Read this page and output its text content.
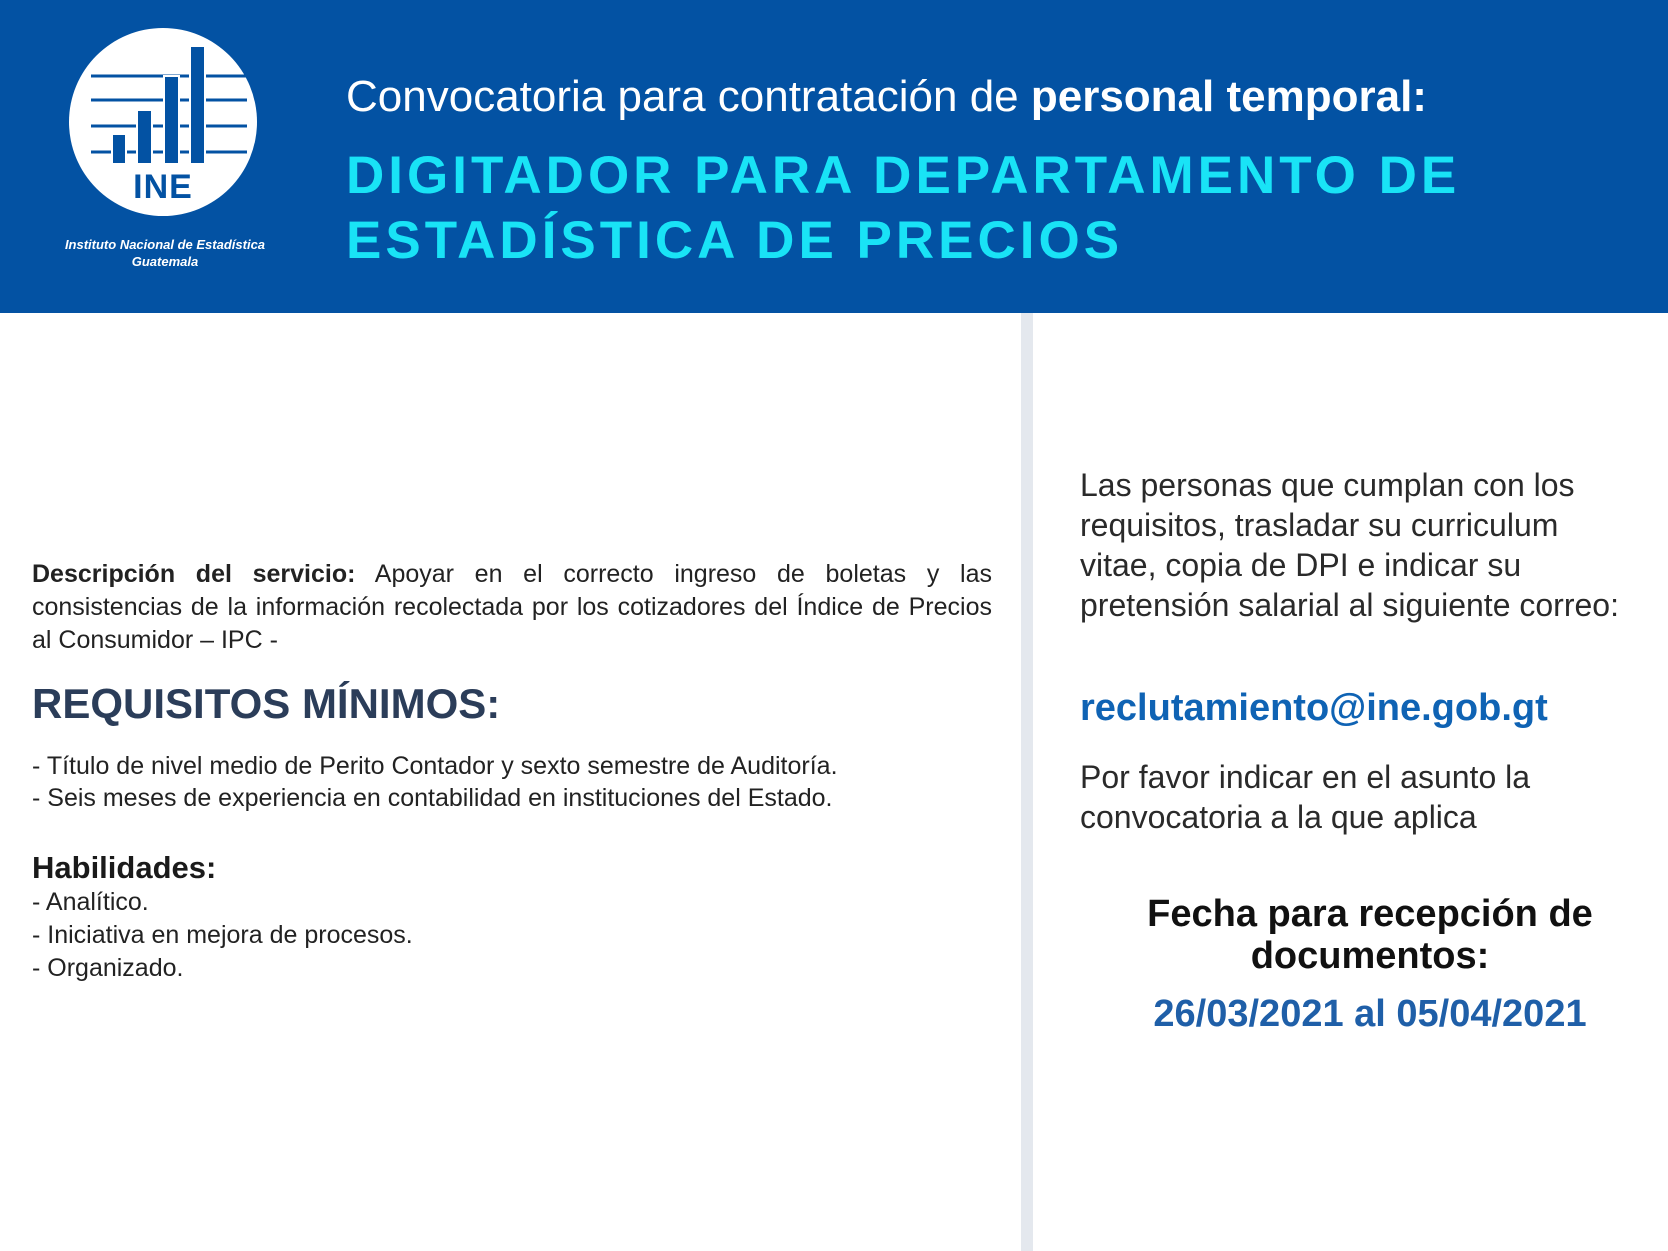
INE
Instituto Nacional de Estadística
Guatemala
Convocatoria para contratación de personal temporal:
DIGITADOR PARA DEPARTAMENTO DE
ESTADÍSTICA DE PRECIOS
Descripción del servicio: Apoyar en el correcto ingreso de boletas y las consistencias de la información recolectada por los cotizadores del Índice de Precios al Consumidor – IPC -
REQUISITOS MÍNIMOS:
- Título de nivel medio de Perito Contador y sexto semestre de Auditoría.
- Seis meses de experiencia en contabilidad en instituciones del Estado.
Habilidades:
- Analítico.
- Iniciativa en mejora de procesos.
- Organizado.
Las personas que cumplan con los requisitos, trasladar su curriculum vitae, copia de DPI e indicar su pretensión salarial al siguiente correo:
reclutamiento@ine.gob.gt
Por favor indicar en el asunto la convocatoria a la que aplica
Fecha para recepción de
documentos:
26/03/2021 al 05/04/2021
